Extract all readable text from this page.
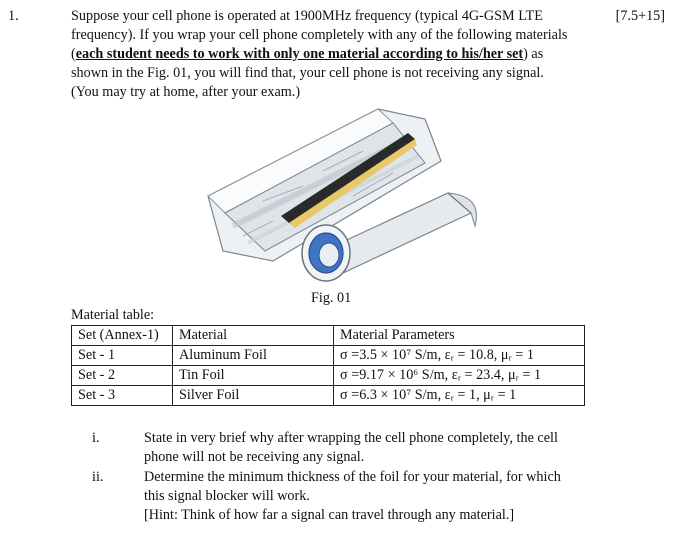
1.	[7.5+15]
Suppose your cell phone is operated at 1900MHz frequency (typical 4G-GSM LTE
frequency). If you wrap your cell phone completely with any of the following materials
(each student needs to work with only one material according to his/her set) as
shown in the Fig. 01, you will find that, your cell phone is not receiving any signal.
(You may try at home, after your exam.)
Fig. 01
Material table:
Set (Annex-1)	Material	Material Parameters
Set - 1	Aluminum Foil	σ =3.5 × 10⁷ S/m, εᵣ = 10.8, μᵣ = 1
Set - 2	Tin Foil	σ =9.17 × 10⁶ S/m, εᵣ = 23.4, μᵣ = 1
Set - 3	Silver Foil	σ =6.3 × 10⁷ S/m, εᵣ = 1, μᵣ = 1
i.	State in very brief why after wrapping the cell phone completely, the cell
phone will not be receiving any signal.
ii.	Determine the minimum thickness of the foil for your material, for which
this signal blocker will work.
[Hint: Think of how far a signal can travel through any material.]
